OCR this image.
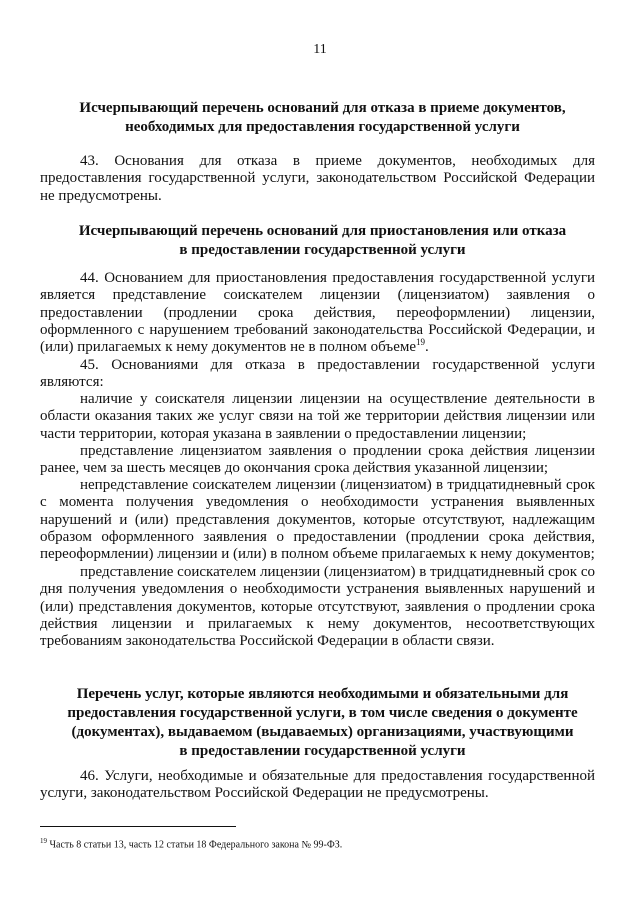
11
Исчерпывающий перечень оснований для отказа в приеме документов,
необходимых для предоставления государственной услуги
43. Основания для отказа в приеме документов, необходимых для предоставления государственной услуги, законодательством Российской Федерации не предусмотрены.
Исчерпывающий перечень оснований для приостановления или отказа
в предоставлении государственной услуги
44. Основанием для приостановления предоставления государственной услуги является представление соискателем лицензии (лицензиатом) заявления о предоставлении (продлении срока действия, переоформлении) лицензии, оформленного с нарушением требований законодательства Российской Федерации, и (или) прилагаемых к нему документов не в полном объеме$^{19}$.
45. Основаниями для отказа в предоставлении государственной услуги являются:
наличие у соискателя лицензии лицензии на осуществление деятельности в области оказания таких же услуг связи на той же территории действия лицензии или части территории, которая указана в заявлении о предоставлении лицензии;
представление лицензиатом заявления о продлении срока действия лицензии ранее, чем за шесть месяцев до окончания срока действия указанной лицензии;
непредставление соискателем лицензии (лицензиатом) в тридцатидневный срок с момента получения уведомления о необходимости устранения выявленных нарушений и (или) представления документов, которые отсутствуют, надлежащим образом оформленного заявления о предоставлении (продлении срока действия, переоформлении) лицензии и (или) в полном объеме прилагаемых к нему документов;
представление соискателем лицензии (лицензиатом) в тридцатидневный срок со дня получения уведомления о необходимости устранения выявленных нарушений и (или) представления документов, которые отсутствуют, заявления о продлении срока действия лицензии и прилагаемых к нему документов, несоответствующих требованиям законодательства Российской Федерации в области связи.
Перечень услуг, которые являются необходимыми и обязательными для
предоставления государственной услуги, в том числе сведения о документе
(документах), выдаваемом (выдаваемых) организациями, участвующими
в предоставлении государственной услуги
46. Услуги, необходимые и обязательные для предоставления государственной услуги, законодательством Российской Федерации не предусмотрены.
$^{19}$ Часть 8 статьи 13, часть 12 статьи 18 Федерального закона № 99-ФЗ.
